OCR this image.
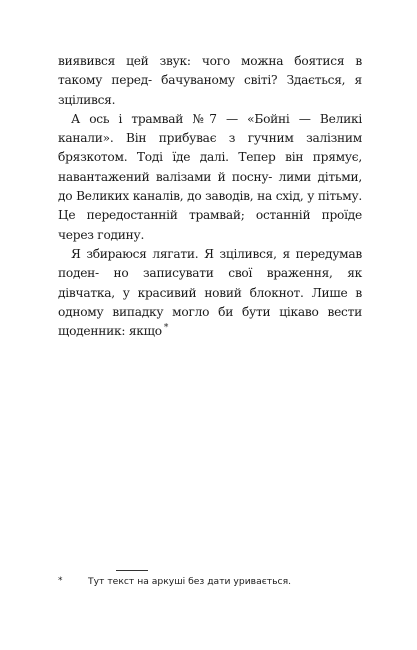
виявився цей звук: чого можна боятися в такому перед- бачуваному світі? Здається, я зцілився.

А ось і трамвай №7 — «Бойні — Великі канали». Він прибуває з гучним залізним брязкотом. Тоді їде далі. Тепер він прямує, навантажений валізами й посну- лими дітьми, до Великих каналів, до заводів, на схід, у пітьму. Це передостанній трамвай; останній проїде через годину.

Я збираюся лягати. Я зцілився, я передумав поден- но записувати свої враження, як дівчатка, у красивий новий блокнот. Лише в одному випадку могло би бути цікаво вести щоденник: якщо *

*	Тут текст на аркуші без дати уривається.
